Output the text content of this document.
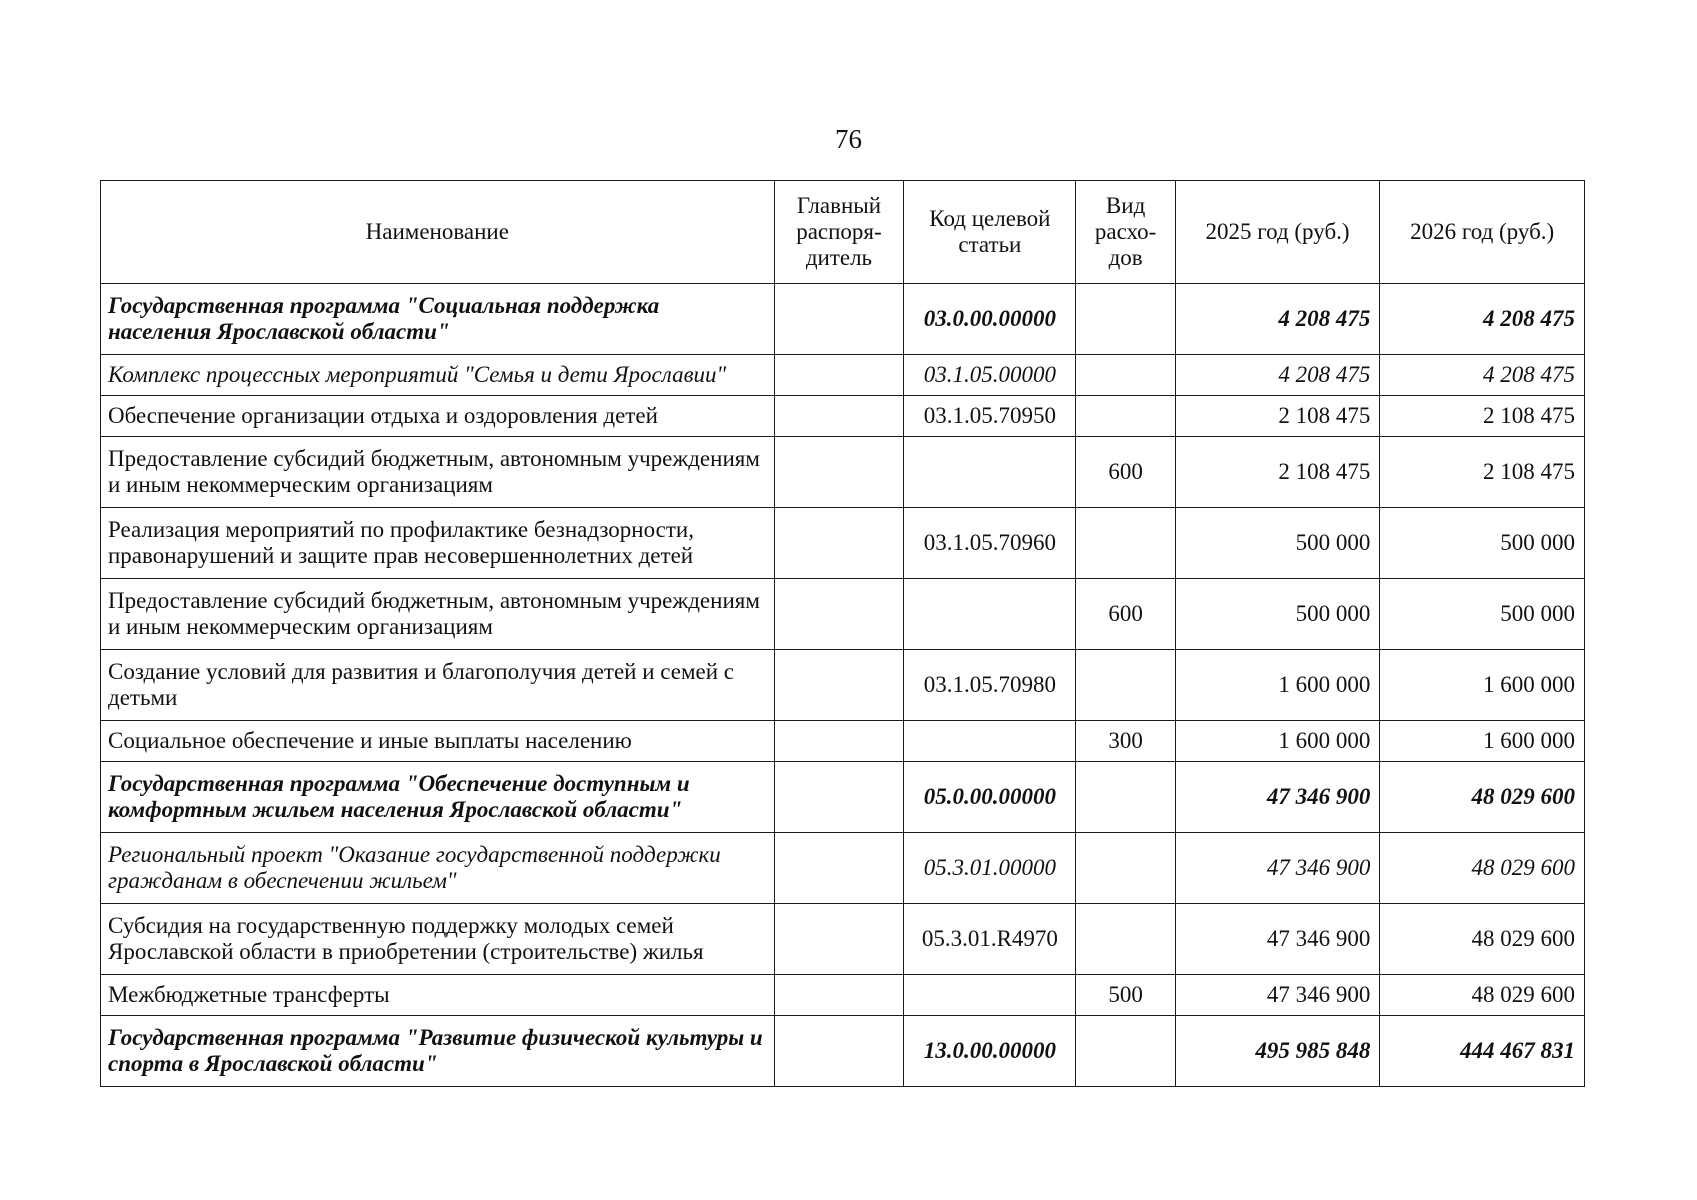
76
Наименование	Главный распоря-дитель	Код целевой статьи	Вид расхо-дов	2025 год (руб.)	2026 год (руб.)
Государственная программа "Социальная поддержка населения Ярославской области"		03.0.00.00000		4 208 475	4 208 475
Комплекс процессных мероприятий "Семья и дети Ярославии"		03.1.05.00000		4 208 475	4 208 475
Обеспечение организации отдыха и оздоровления детей		03.1.05.70950		2 108 475	2 108 475
Предоставление субсидий бюджетным, автономным учреждениям и иным некоммерческим организациям			600	2 108 475	2 108 475
Реализация мероприятий по профилактике безнадзорности, правонарушений и защите прав несовершеннолетних детей		03.1.05.70960		500 000	500 000
Предоставление субсидий бюджетным, автономным учреждениям и иным некоммерческим организациям			600	500 000	500 000
Создание условий для развития и благополучия детей и семей с детьми		03.1.05.70980		1 600 000	1 600 000
Социальное обеспечение и иные выплаты населению			300	1 600 000	1 600 000
Государственная программа "Обеспечение доступным и комфортным жильем населения Ярославской области"		05.0.00.00000		47 346 900	48 029 600
Региональный проект "Оказание государственной поддержки гражданам в обеспечении жильем"		05.3.01.00000		47 346 900	48 029 600
Субсидия на государственную поддержку молодых семей Ярославской области в приобретении (строительстве) жилья		05.3.01.R4970		47 346 900	48 029 600
Межбюджетные трансферты			500	47 346 900	48 029 600
Государственная программа "Развитие физической культуры и спорта в Ярославской области"		13.0.00.00000		495 985 848	444 467 831
